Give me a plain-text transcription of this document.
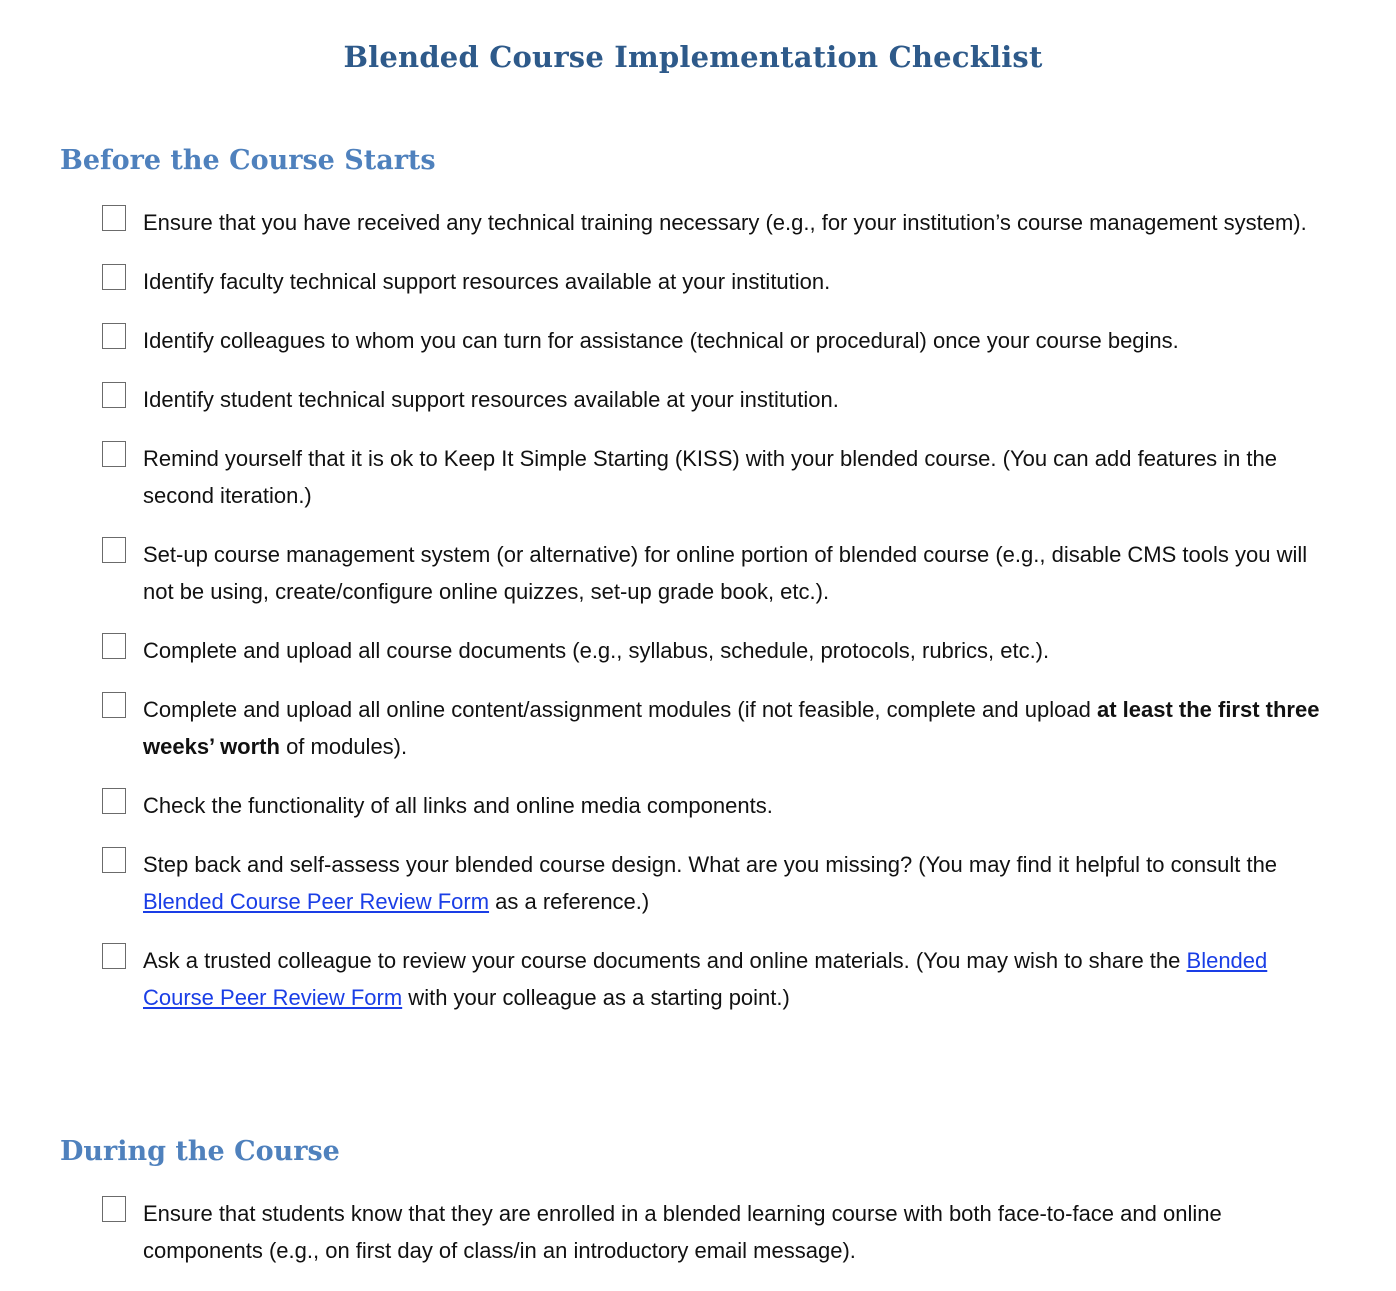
Blended Course Implementation Checklist
Before the Course Starts
Ensure that you have received any technical training necessary (e.g., for your institution’s course management system).
Identify faculty technical support resources available at your institution.
Identify colleagues to whom you can turn for assistance (technical or procedural) once your course begins.
Identify student technical support resources available at your institution.
Remind yourself that it is ok to Keep It Simple Starting (KISS) with your blended course. (You can add features in the second iteration.)
Set-up course management system (or alternative) for online portion of blended course (e.g., disable CMS tools you will not be using, create/configure online quizzes, set-up grade book, etc.).
Complete and upload all course documents (e.g., syllabus, schedule, protocols, rubrics, etc.).
Complete and upload all online content/assignment modules (if not feasible, complete and upload at least the first three weeks’ worth of modules).
Check the functionality of all links and online media components.
Step back and self-assess your blended course design. What are you missing? (You may find it helpful to consult the Blended Course Peer Review Form as a reference.)
Ask a trusted colleague to review your course documents and online materials. (You may wish to share the Blended Course Peer Review Form with your colleague as a starting point.)
During the Course
Ensure that students know that they are enrolled in a blended learning course with both face-to-face and online components (e.g., on first day of class/in an introductory email message).
